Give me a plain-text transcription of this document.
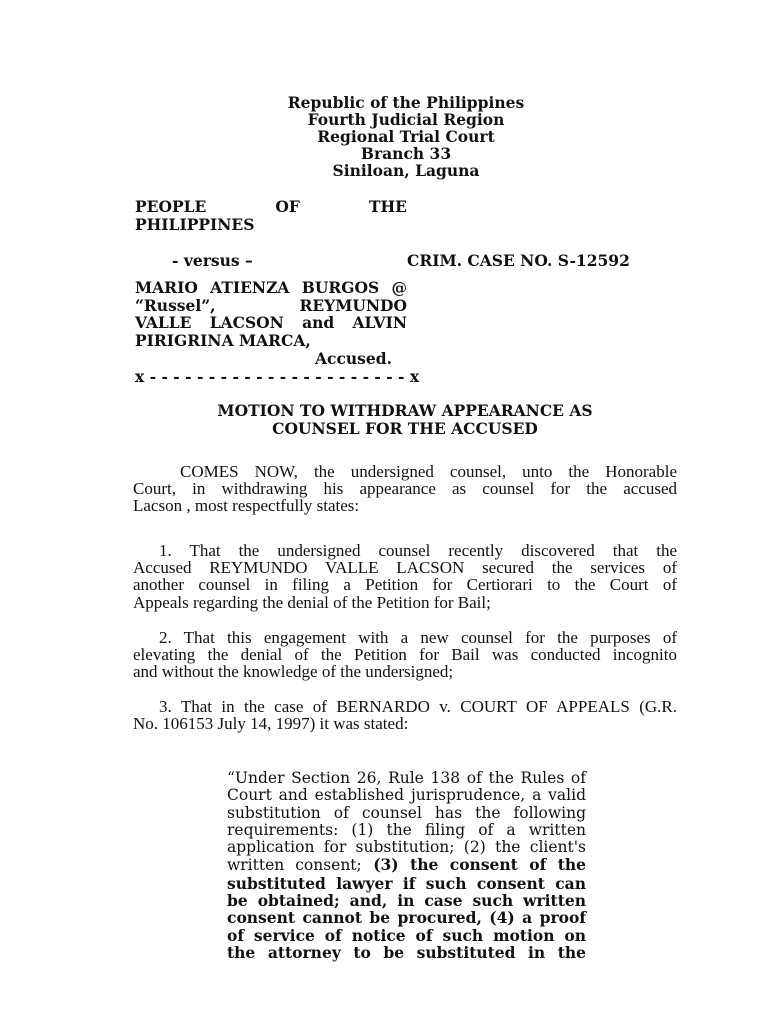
Republic of the Philippines
Fourth Judicial Region
Regional Trial Court
Branch 33
Siniloan, Laguna
PEOPLE	OF	THE
PHILIPPINES
- versus –	CRIM. CASE NO. S-12592
MARIO ATIENZA BURGOS @
“Russel”, REYMUNDO
VALLE LACSON and ALVIN
PIRIGRINA MARCA,
Accused.
x - - - - - - - - - - - - - - - - - - - - - - x
MOTION TO WITHDRAW APPEARANCE AS
COUNSEL FOR THE ACCUSED
COMES NOW, the undersigned counsel, unto the Honorable
Court, in withdrawing his appearance as counsel for the accused
Lacson , most respectfully states:
1. That the undersigned counsel recently discovered that the
Accused REYMUNDO VALLE LACSON secured the services of
another counsel in filing a Petition for Certiorari to the Court of
Appeals regarding the denial of the Petition for Bail;
2. That this engagement with a new counsel for the purposes of
elevating the denial of the Petition for Bail was conducted incognito
and without the knowledge of the undersigned;
3. That in the case of BERNARDO v. COURT OF APPEALS (G.R.
No. 106153 July 14, 1997) it was stated:
“Under Section 26, Rule 138 of the Rules of
Court and established jurisprudence, a valid
substitution of counsel has the following
requirements: (1) the filing of a written
application for substitution; (2) the client's
written consent; (3) the consent of the
substituted lawyer if such consent can
be obtained; and, in case such written
consent cannot be procured, (4) a proof
of service of notice of such motion on
the attorney to be substituted in the
